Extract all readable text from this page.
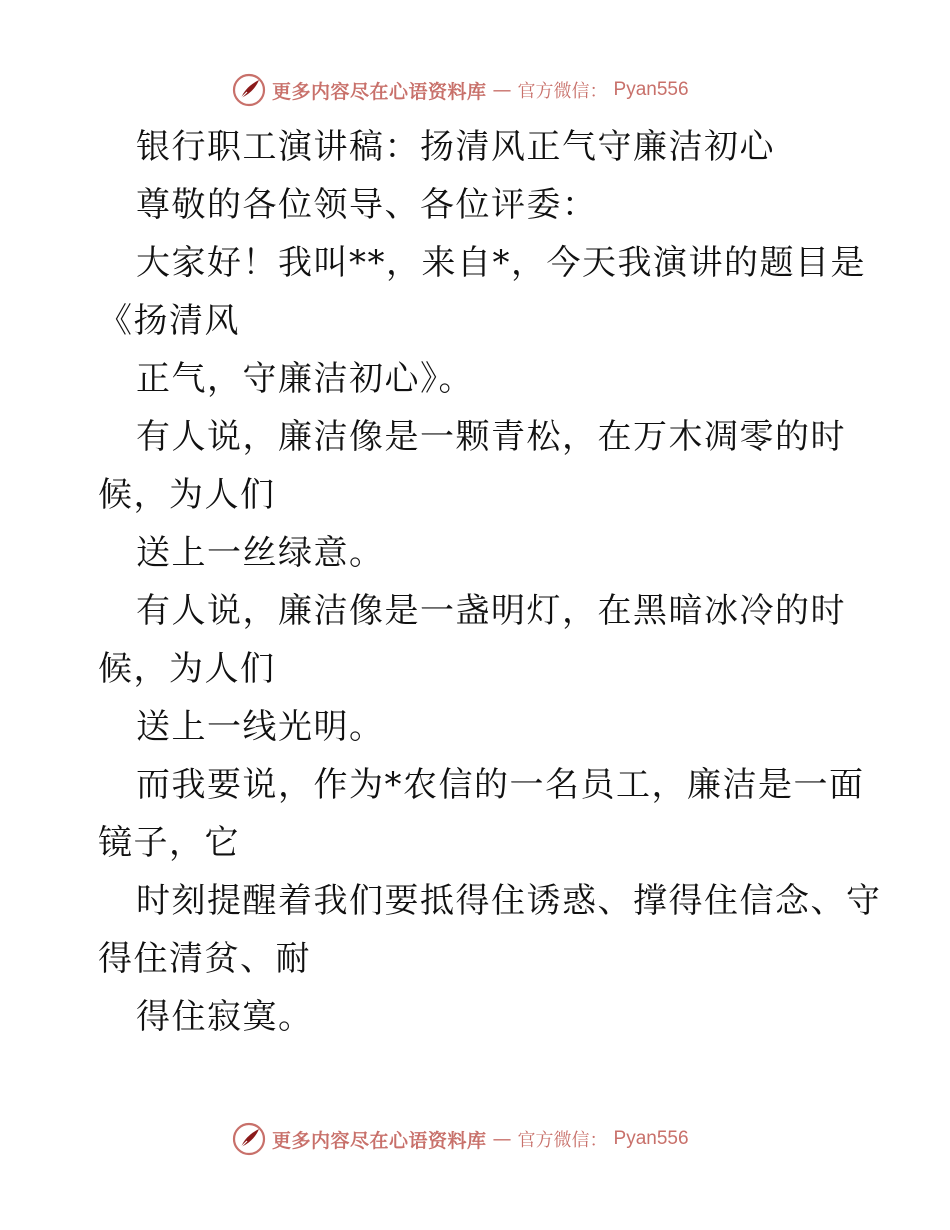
更多内容尽在心语资料库 — 官方微信： Pyan556
银行职工演讲稿：扬清风正气守廉洁初心
尊敬的各位领导、各位评委：
大家好！我叫**，来自*，今天我演讲的题目是
《扬清风
正气，守廉洁初心》。
有人说，廉洁像是一颗青松，在万木凋零的时
候，为人们
送上一丝绿意。
有人说，廉洁像是一盏明灯，在黑暗冰冷的时
候，为人们
送上一线光明。
而我要说，作为*农信的一名员工，廉洁是一面
镜子，它
时刻提醒着我们要抵得住诱惑、撑得住信念、守
得住清贫、耐
得住寂寞。
更多内容尽在心语资料库 — 官方微信： Pyan556
